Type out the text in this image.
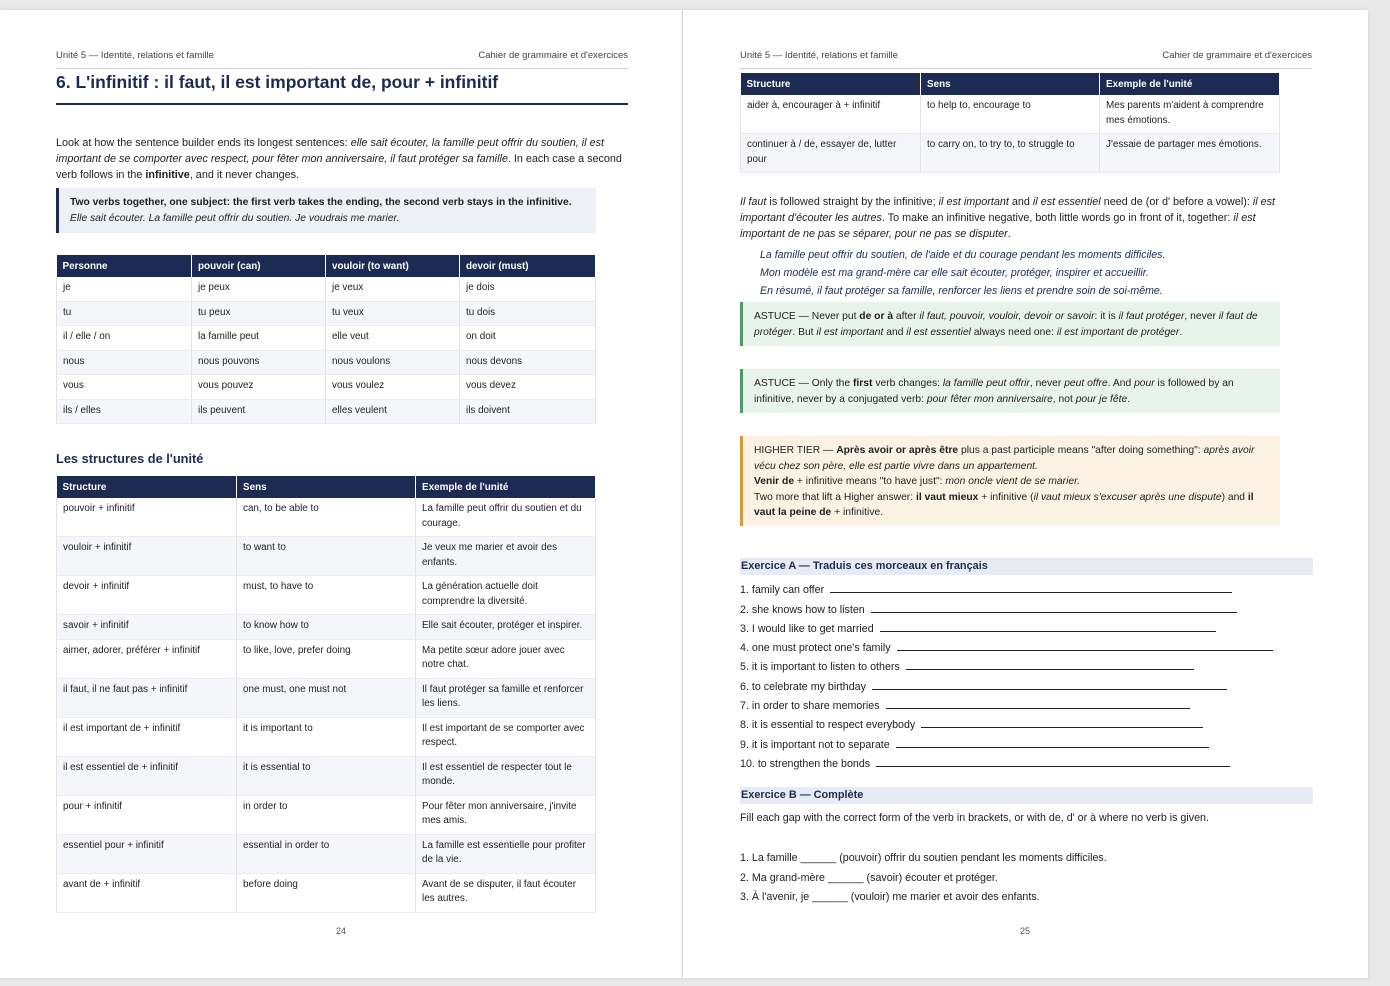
Unité 5 — Identité, relations et famille	Cahier de grammaire et d'exercices
6. L'infinitif : il faut, il est important de, pour + infinitif
Look at how the sentence builder ends its longest sentences: elle sait écouter, la famille peut offrir du soutien, il est important de se comporter avec respect, pour fêter mon anniversaire, il faut protéger sa famille. In each case a second verb follows in the infinitive, and it never changes.
Two verbs together, one subject: the first verb takes the ending, the second verb stays in the infinitive.
Elle sait écouter. La famille peut offrir du soutien. Je voudrais me marier.
Personne	pouvoir (can)	vouloir (to want)	devoir (must)
je	je peux	je veux	je dois
tu	tu peux	tu veux	tu dois
il / elle / on	la famille peut	elle veut	on doit
nous	nous pouvons	nous voulons	nous devons
vous	vous pouvez	vous voulez	vous devez
ils / elles	ils peuvent	elles veulent	ils doivent
Les structures de l'unité
Structure	Sens	Exemple de l'unité
pouvoir + infinitif	can, to be able to	La famille peut offrir du soutien et du courage.
vouloir + infinitif	to want to	Je veux me marier et avoir des enfants.
devoir + infinitif	must, to have to	La génération actuelle doit comprendre la diversité.
savoir + infinitif	to know how to	Elle sait écouter, protéger et inspirer.
aimer, adorer, préférer + infinitif	to like, love, prefer doing	Ma petite sœur adore jouer avec notre chat.
il faut, il ne faut pas + infinitif	one must, one must not	Il faut protéger sa famille et renforcer les liens.
il est important de + infinitif	it is important to	Il est important de se comporter avec respect.
il est essentiel de + infinitif	it is essential to	Il est essentiel de respecter tout le monde.
pour + infinitif	in order to	Pour fêter mon anniversaire, j'invite mes amis.
essentiel pour + infinitif	essential in order to	La famille est essentielle pour profiter de la vie.
avant de + infinitif	before doing	Avant de se disputer, il faut écouter les autres.
24
Unité 5 — Identité, relations et famille	Cahier de grammaire et d'exercices
Structure	Sens	Exemple de l'unité
aider à, encourager à + infinitif	to help to, encourage to	Mes parents m'aident à comprendre mes émotions.
continuer à / de, essayer de, lutter pour	to carry on, to try to, to struggle to	J'essaie de partager mes émotions.
Il faut is followed straight by the infinitive; il est important and il est essentiel need de (or d' before a vowel): il est important d'écouter les autres. To make an infinitive negative, both little words go in front of it, together: il est important de ne pas se séparer, pour ne pas se disputer.
La famille peut offrir du soutien, de l'aide et du courage pendant les moments difficiles.
Mon modèle est ma grand-mère car elle sait écouter, protéger, inspirer et accueillir.
En résumé, il faut protéger sa famille, renforcer les liens et prendre soin de soi-même.
ASTUCE — Never put de or à after il faut, pouvoir, vouloir, devoir or savoir: it is il faut protéger, never il faut de protéger. But il est important and il est essentiel always need one: il est important de protéger.
ASTUCE — Only the first verb changes: la famille peut offrir, never peut offre. And pour is followed by an infinitive, never by a conjugated verb: pour fêter mon anniversaire, not pour je fête.
HIGHER TIER — Après avoir or après être plus a past participle means "after doing something": après avoir vécu chez son père, elle est partie vivre dans un appartement.
Venir de + infinitive means "to have just": mon oncle vient de se marier.
Two more that lift a Higher answer: il vaut mieux + infinitive (il vaut mieux s'excuser après une dispute) and il vaut la peine de + infinitive.
Exercice A — Traduis ces morceaux en français
1. family can offer
2. she knows how to listen
3. I would like to get married
4. one must protect one's family
5. it is important to listen to others
6. to celebrate my birthday
7. in order to share memories
8. it is essential to respect everybody
9. it is important not to separate
10. to strengthen the bonds
Exercice B — Complète
Fill each gap with the correct form of the verb in brackets, or with de, d' or à where no verb is given.
1. La famille ______ (pouvoir) offrir du soutien pendant les moments difficiles.
2. Ma grand-mère ______ (savoir) écouter et protéger.
3. À l'avenir, je ______ (vouloir) me marier et avoir des enfants.
25
